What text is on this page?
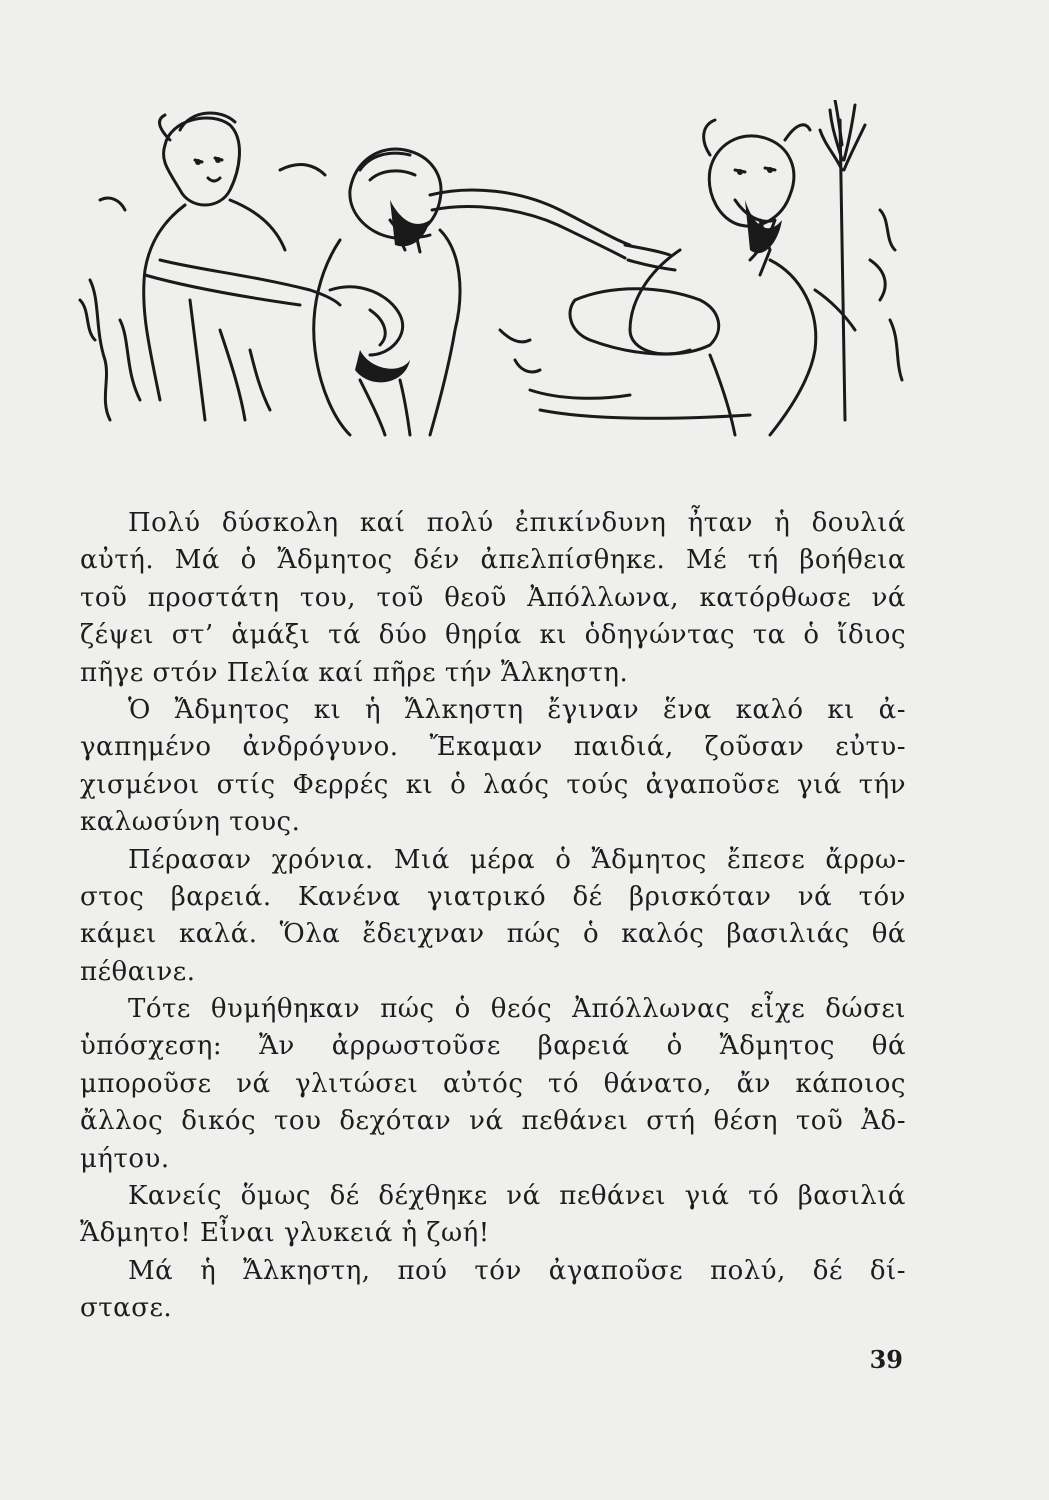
Πολύ δύσκολη καί πολύ ἐπικίνδυνη ἦταν ἡ δουλιά
αὐτή. Μά ὁ Ἄδμητος δέν ἀπελπίσθηκε. Μέ τή βοήθεια
τοῦ προστάτη του, τοῦ θεοῦ Ἀπόλλωνα, κατόρθωσε νά
ζέψει στ’ ἁμάξι τά δύο θηρία κι ὁδηγώντας τα ὁ ἴδιος
πῆγε στόν Πελία καί πῆρε τήν Ἄλκηστη.
Ὁ Ἄδμητος κι ἡ Ἄλκηστη ἔγιναν ἕνα καλό κι ἀ-
γαπημένο ἀνδρόγυνο. Ἔκαμαν παιδιά, ζοῦσαν εὐτυ-
χισμένοι στίς Φερρές κι ὁ λαός τούς ἀγαποῦσε γιά τήν
καλωσύνη τους.
Πέρασαν χρόνια. Μιά μέρα ὁ Ἄδμητος ἔπεσε ἄρρω-
στος βαρειά. Κανένα γιατρικό δέ βρισκόταν νά τόν
κάμει καλά. Ὅλα ἔδειχναν πώς ὁ καλός βασιλιάς θά
πέθαινε.
Τότε θυμήθηκαν πώς ὁ θεός Ἀπόλλωνας εἶχε δώσει
ὑπόσχεση: Ἄν ἀρρωστοῦσε βαρειά ὁ Ἄδμητος θά
μποροῦσε νά γλιτώσει αὐτός τό θάνατο, ἄν κάποιος
ἄλλος δικός του δεχόταν νά πεθάνει στή θέση τοῦ Ἀδ-
μήτου.
Κανείς ὅμως δέ δέχθηκε νά πεθάνει γιά τό βασιλιά
Ἄδμητο! Εἶναι γλυκειά ἡ ζωή!
Μά ἡ Ἄλκηστη, πού τόν ἀγαποῦσε πολύ, δέ δί-
στασε.
39
